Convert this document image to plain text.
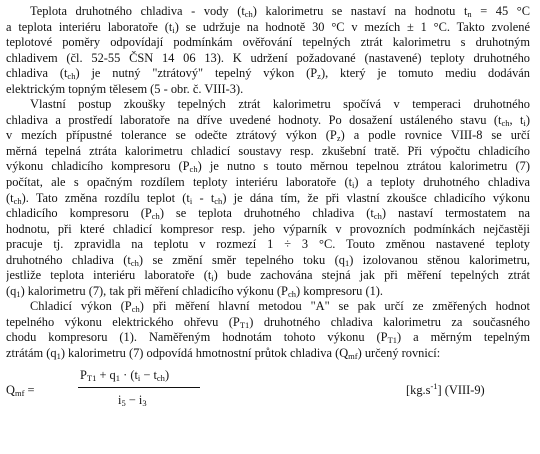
Teplota druhotného chladiva - vody $(t_{ch})$ kalorimetru se nastaví na hodnotu $t_n = 45$ °C
a teplota interiéru laboratoře $(t_i)$ se udržuje na hodnotě 30 °C v mezích ± 1 °C. Takto zvolené
teplotové poměry odpovídají podmínkám ověřování tepelných ztrát kalorimetru s druhotným
chladivem (čl. 52-55 ČSN 14 06 13). K udržení požadované (nastavené) teploty druhotného
chladiva $(t_{ch})$ je nutný "ztrátový" tepelný výkon $(P_z)$, který je tomuto mediu dodáván
elektrickým topným tělesem (5 - obr. č. VIII-3).

Vlastní postup zkoušky tepelných ztrát kalorimetru spočívá v temperaci druhotného
chladiva a prostředí laboratoře na dříve uvedené hodnoty. Po dosažení ustáleného stavu ($t_{ch}$, $t_i$)
v mezích přípustné tolerance se odečte ztrátový výkon $(P_z)$ a podle rovnice VIII-8 se určí
měrná tepelná ztráta kalorimetru chladicí soustavy resp. zkušební tratě. Při výpočtu chladicího
výkonu chladicího kompresoru $(P_{ch})$ je nutno s touto měrnou tepelnou ztrátou kalorimetru (7)
počítat, ale s opačným rozdílem teploty interiéru laboratoře $(t_i)$ a teploty druhotného chladiva
$(t_{ch})$. Tato změna rozdílu teplot $(t_i - t_{ch})$ je dána tím, že při vlastní zkoušce chladicího výkonu
chladicího kompresoru $(P_{ch})$ se teplota druhotného chladiva $(t_{ch})$ nastaví termostatem na
hodnotu, při které chladicí kompresor resp. jeho výparník v provozních podmínkách nejčastěji
pracuje tj. zpravidla na teplotu v rozmezí 1 ÷ 3 °C. Touto změnou nastavené teploty
druhotného chladiva $(t_{ch})$ se změní směr tepelného toku $(q_1)$ izolovanou stěnou kalorimetru,
jestliže teplota interiéru laboratoře $(t_i)$ bude zachována stejná jak při měření tepelných ztrát
$(q_1)$ kalorimetru (7), tak při měření chladicího výkonu $(P_{ch})$ kompresoru (1).

Chladicí výkon $(P_{ch})$ při měření hlavní metodou "A" se pak určí ze změřených hodnot
tepelného výkonu elektrického ohřevu $(P_{T1})$ druhotného chladiva kalorimetru za současného
chodu kompresoru (1). Naměřeným hodnotám tohoto výkonu $(P_{T1})$ a měrným tepelným
ztrátám $(q_1)$ kalorimetru (7) odpovídá hmotnostní průtok chladiva $(Q_{mf})$ určený rovnicí:

$Q_{mf}$ =
$P_{T1} + q_1 \cdot (t_i - t_{ch})$
$i_5 - i_3$
$[kg.s^{-1}]$ (VIII-9)
